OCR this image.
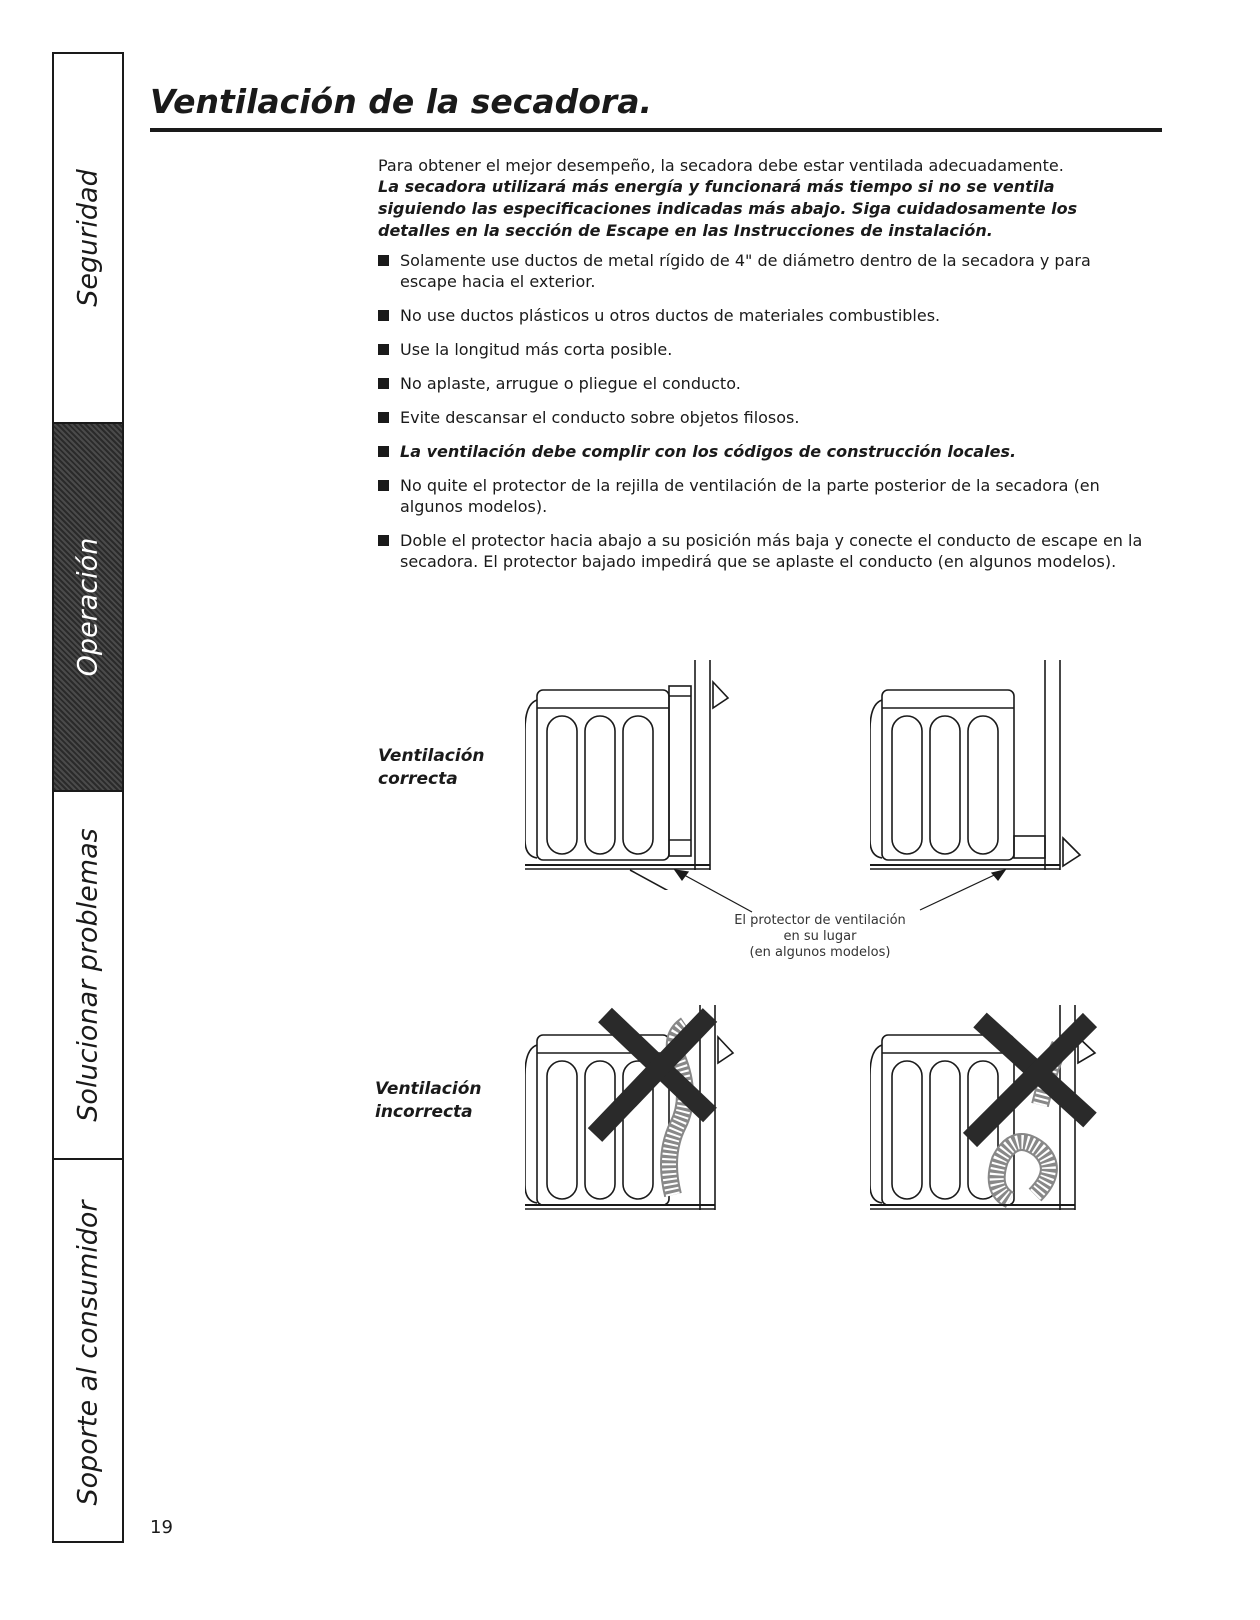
Seguridad
Operación
Solucionar problemas
Soporte al consumidor
Ventilación de la secadora.

Para obtener el mejor desempeño, la secadora debe estar ventilada adecuadamente.

La secadora utilizará más energía y funcionará más tiempo si no se ventila siguiendo las especificaciones indicadas más abajo. Siga cuidadosamente los detalles en la sección de Escape en las Instrucciones de instalación.

Solamente use ductos de metal rígido de 4" de diámetro dentro de la secadora y para escape hacia el exterior.
No use ductos plásticos u otros ductos de materiales combustibles.
Use la longitud más corta posible.
No aplaste, arrugue o pliegue el conducto.
Evite descansar el conducto sobre objetos filosos.
La ventilación debe complir con los códigos de construcción locales.
No quite el protector de la rejilla de ventilación de la parte posterior de la secadora (en algunos modelos).
Doble el protector hacia abajo a su posición más baja y conecte el conducto de escape en la secadora. El protector bajado impedirá que se aplaste el conducto (en algunos modelos).
Ventilación
correcta
Ventilación
incorrecta
El protector de ventilación
en su lugar
(en algunos modelos)
19
